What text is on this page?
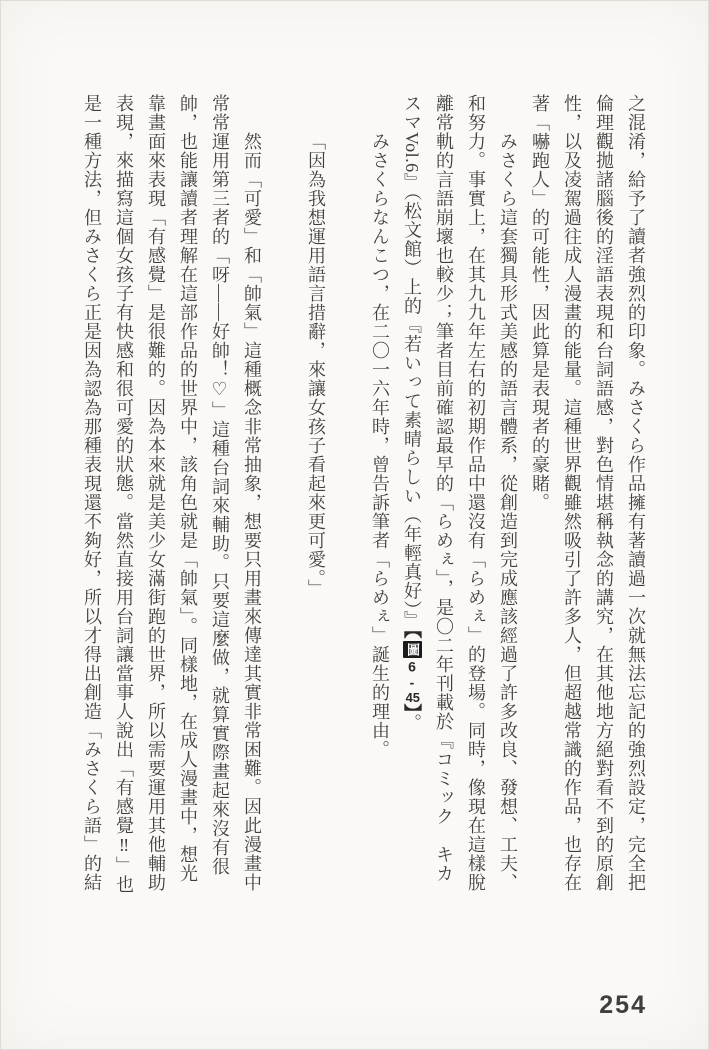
之混淆，給予了讀者強烈的印象。みさくら作品擁有著讀過一次就無法忘記的強烈設定，完全把
倫理觀拋諸腦後的淫語表現和台詞語感，對色情堪稱執念的講究，在其他地方絕對看不到的原創
性，以及凌駕過往成人漫畫的能量。這種世界觀雖然吸引了許多人，但超越常識的作品，也存在
著「嚇跑人」的可能性，因此算是表現者的豪賭。
みさくら這套獨具形式美感的語言體系，從創造到完成應該經過了許多改良、發想、工夫、
和努力。事實上，在其九九年左右的初期作品中還沒有「らめぇ」的登場。同時，像現在這樣脫
離常軌的言語崩壞也較少；筆者目前確認最早的「らめぇ」，是〇二年刊載於『コミック　キカ
スマVol.6』（松文館）上的『若いって素晴らしい（年輕真好）』【圖6-45】。
みさくらなんこつ，在二〇一六年時，曾告訴筆者「らめぇ」誕生的理由。
「因為我想運用語言措辭，來讓女孩子看起來更可愛。」
然而「可愛」和「帥氣」這種概念非常抽象，想要只用畫來傳達其實非常困難。因此漫畫中
常常運用第三者的「呀——好帥！♡」這種台詞來輔助。只要這麼做，就算實際畫起來沒有很
帥，也能讓讀者理解在這部作品的世界中，該角色就是「帥氣」。同樣地，在成人漫畫中，想光
靠畫面來表現「有感覺」是很難的。因為本來就是美少女滿街跑的世界，所以需要運用其他輔助
表現，來描寫這個女孩子有快感和很可愛的狀態。當然直接用台詞讓當事人說出「有感覺‼」也
是一種方法，但みさくら正是因為認為那種表現還不夠好，所以才得出創造「みさくら語」的結
254
